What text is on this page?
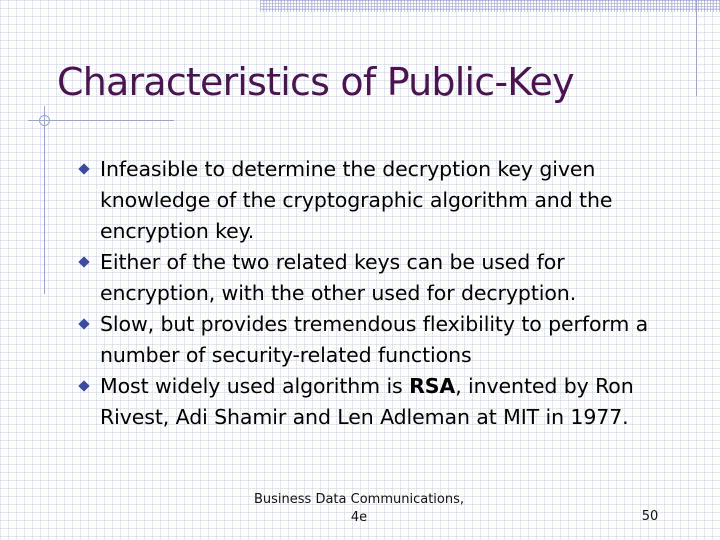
Characteristics of Public-Key
Infeasible to determine the decryption key given knowledge of the cryptographic algorithm and the encryption key.
Either of the two related keys can be used for encryption, with the other used for decryption.
Slow, but provides tremendous flexibility to perform a number of security-related functions
Most widely used algorithm is RSA, invented by Ron Rivest, Adi Shamir and Len Adleman at MIT in 1977.
Business Data Communications,
4e	50
